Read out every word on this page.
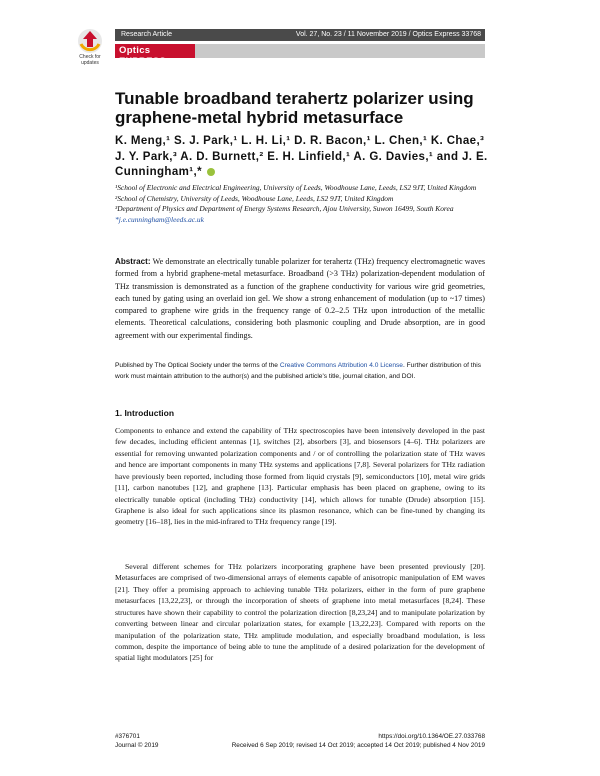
Check for updates
Research Article	Vol. 27, No. 23 / 11 November 2019 / Optics Express 33768
Optics EXPRESS
Tunable broadband terahertz polarizer using graphene-metal hybrid metasurface
K. Meng,¹ S. J. Park,¹ L. H. Li,¹ D. R. Bacon,¹ L. Chen,¹ K. Chae,³ J. Y. Park,³ A. D. Burnett,² E. H. Linfield,¹ A. G. Davies,¹ and J. E. Cunningham¹,*
¹School of Electronic and Electrical Engineering, University of Leeds, Woodhouse Lane, Leeds, LS2 9JT, United Kingdom
²School of Chemistry, University of Leeds, Woodhouse Lane, Leeds, LS2 9JT, United Kingdom
³Department of Physics and Department of Energy Systems Research, Ajou University, Suwon 16499, South Korea
*j.e.cunningham@leeds.ac.uk
Abstract: We demonstrate an electrically tunable polarizer for terahertz (THz) frequency electromagnetic waves formed from a hybrid graphene-metal metasurface. Broadband (>3 THz) polarization-dependent modulation of THz transmission is demonstrated as a function of the graphene conductivity for various wire grid geometries, each tuned by gating using an overlaid ion gel. We show a strong enhancement of modulation (up to ~17 times) compared to graphene wire grids in the frequency range of 0.2–2.5 THz upon introduction of the metallic elements. Theoretical calculations, considering both plasmonic coupling and Drude absorption, are in good agreement with our experimental findings.
Published by The Optical Society under the terms of the Creative Commons Attribution 4.0 License. Further distribution of this work must maintain attribution to the author(s) and the published article's title, journal citation, and DOI.
1. Introduction
Components to enhance and extend the capability of THz spectroscopies have been intensively developed in the past few decades, including efficient antennas [1], switches [2], absorbers [3], and biosensors [4–6]. THz polarizers are essential for removing unwanted polarization components and / or of controlling the polarization state of THz waves and hence are important components in many THz systems and applications [7,8]. Several polarizers for THz radiation have previously been reported, including those formed from liquid crystals [9], semiconductors [10], metal wire grids [11], carbon nanotubes [12], and graphene [13]. Particular emphasis has been placed on graphene, owing to its electrically tunable optical (including THz) conductivity [14], which allows for tunable (Drude) absorption [15]. Graphene is also ideal for such applications since its plasmon resonance, which can be fine-tuned by changing its geometry [16–18], lies in the mid-infrared to THz frequency range [19].
Several different schemes for THz polarizers incorporating graphene have been presented previously [20]. Metasurfaces are comprised of two-dimensional arrays of elements capable of anisotropic manipulation of EM waves [21]. They offer a promising approach to achieving tunable THz polarizers, either in the form of pure graphene metasurfaces [13,22,23], or through the incorporation of sheets of graphene into metal metasurfaces [8,24]. These structures have shown their capability to control the polarization direction [8,23,24] and to manipulate polarization by converting between linear and circular polarization states, for example [13,22,23]. Compared with reports on the manipulation of the polarization state, THz amplitude modulation, and especially broadband modulation, is less common, despite the importance of being able to tune the amplitude of a desired polarization for the development of spatial light modulators [25] for
#376701
Journal © 2019
https://doi.org/10.1364/OE.27.033768
Received 6 Sep 2019; revised 14 Oct 2019; accepted 14 Oct 2019; published 4 Nov 2019
